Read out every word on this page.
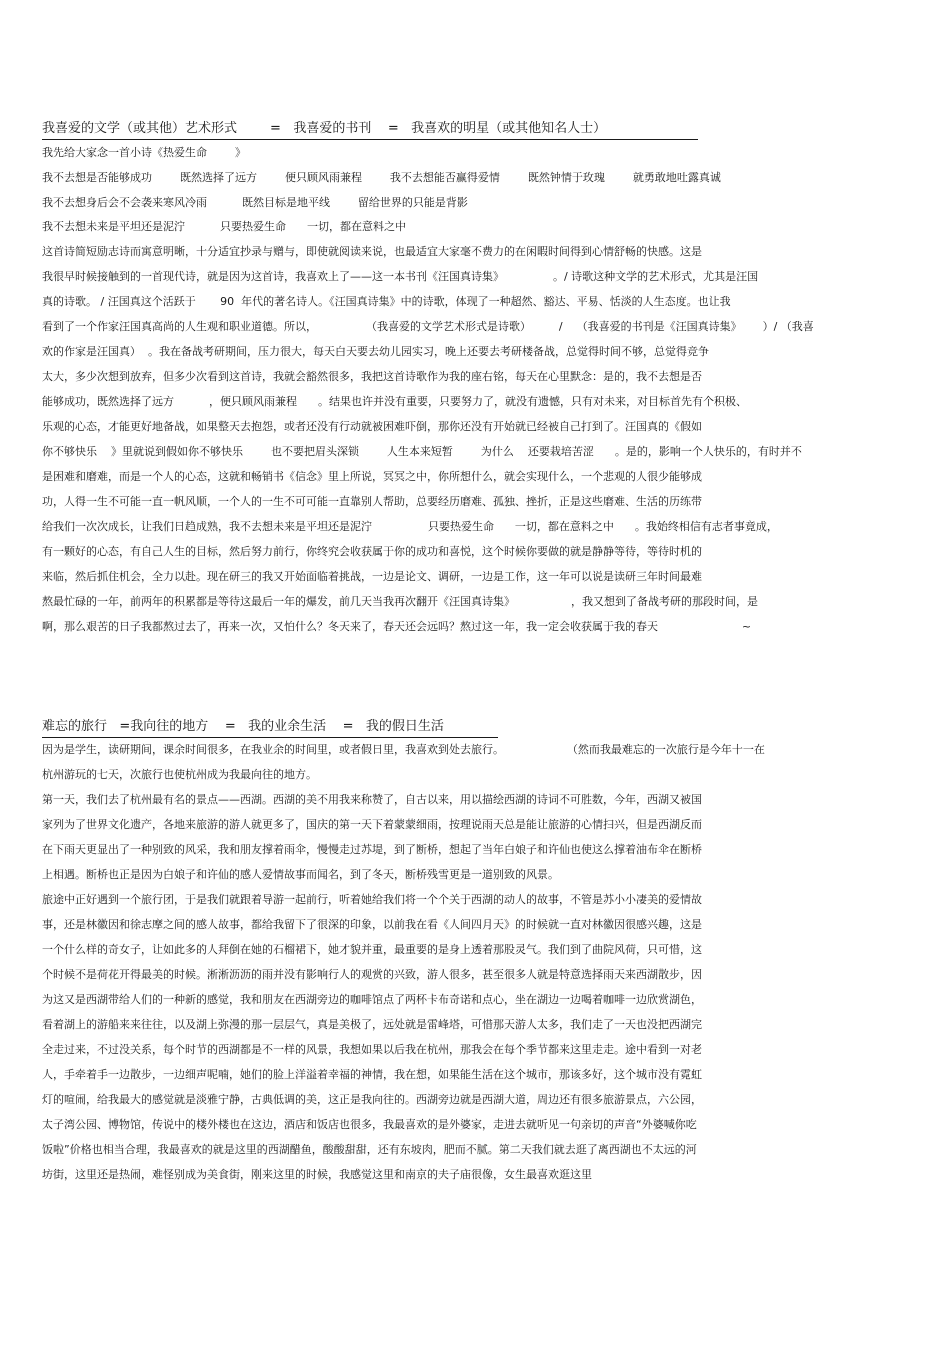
我喜爱的文学（或其他）艺术形式        =   我喜爱的书刊    =   我喜欢的明星（或其他知名人士）
我先给大家念一首小诗《热爱生命        》
我不去想是否能够成功        既然选择了远方        便只顾风雨兼程        我不去想能否赢得爱情        既然钟情于玫瑰        就勇敢地吐露真诚
我不去想身后会不会袭来寒风冷雨          既然目标是地平线        留给世界的只能是背影
我不去想未来是平坦还是泥泞          只要热爱生命      一切，都在意料之中
这首诗简短励志诗而寓意明晰，十分适宜抄录与赠与，即使就阅读来说，也最适宜大家毫不费力的在闲暇时间得到心情舒畅的快感。这是
我很早时候接触到的一首现代诗，就是因为这首诗，我喜欢上了——这一本书刊《汪国真诗集》              。/ 诗歌这种文学的艺术形式，尤其是汪国
真的诗歌。 / 汪国真这个活跃于       90  年代的著名诗人。《汪国真诗集》中的诗歌，体现了一种超然、豁达、平易、恬淡的人生态度。也让我
看到了一个作家汪国真高尚的人生观和职业道德。所以，              （我喜爱的文学艺术形式是诗歌）        /    （我喜爱的书刊是《汪国真诗集》      ）/ （我喜
欢的作家是汪国真）  。我在备战考研期间，压力很大，每天白天要去幼儿园实习，晚上还要去考研楼备战，总觉得时间不够，总觉得竞争
太大，多少次想到放弃，但多少次看到这首诗，我就会豁然很多，我把这首诗歌作为我的座右铭，每天在心里默念：是的，我不去想是否
能够成功，既然选择了远方          ，便只顾风雨兼程      。结果也许并没有重要，只要努力了，就没有遗憾，只有对未来，对目标首先有个积极、
乐观的心态，才能更好地备战，如果整天去抱怨，或者还没有行动就被困难吓倒，那你还没有开始就已经被自己打到了。汪国真的《假如
你不够快乐    》里就说到假如你不够快乐        也不要把眉头深锁        人生本来短暂        为什么    还要栽培苦涩      。是的，影响一个人快乐的，有时并不
是困难和磨难，而是一个人的心态，这就和畅销书《信念》里上所说，冥冥之中，你所想什么，就会实现什么，一个悲观的人很少能够成
功，人得一生不可能一直一帆风顺，一个人的一生不可可能一直靠别人帮助，总要经历磨难、孤独、挫折，正是这些磨难、生活的历练带
给我们一次次成长，让我们日趋成熟，我不去想未来是平坦还是泥泞                只要热爱生命      一切，都在意料之中      。我始终相信有志者事竟成，
有一颗好的心态，有自己人生的目标，然后努力前行，你终究会收获属于你的成功和喜悦，这个时候你要做的就是静静等待，等待时机的
来临，然后抓住机会，全力以赴。现在研三的我又开始面临着挑战，一边是论文、调研，一边是工作，这一年可以说是读研三年时间最难
熬最忙碌的一年，前两年的积累都是等待这最后一年的爆发，前几天当我再次翻开《汪国真诗集》                ，我又想到了备战考研的那段时间，是
啊，那么艰苦的日子我都熬过去了，再来一次，又怕什么？冬天来了，春天还会远吗？熬过这一年，我一定会收获属于我的春天                        ~
难忘的旅行   =我向往的地方    =   我的业余生活    =   我的假日生活
因为是学生，读研期间，课余时间很多，在我业余的时间里，或者假日里，我喜欢到处去旅行。                  （然而我最难忘的一次旅行是今年十一在
杭州游玩的七天，次旅行也使杭州成为我最向往的地方。
第一天，我们去了杭州最有名的景点——西湖。西湖的美不用我来称赞了，自古以来，用以描绘西湖的诗词不可胜数，今年，西湖又被国
家列为了世界文化遗产，各地来旅游的游人就更多了，国庆的第一天下着蒙蒙细雨，按理说雨天总是能让旅游的心情扫兴，但是西湖反而
在下雨天更显出了一种别致的风采，我和朋友撑着雨伞，慢慢走过苏堤，到了断桥，想起了当年白娘子和许仙也使这么撑着油布伞在断桥
上相遇。断桥也正是因为白娘子和许仙的感人爱情故事而闻名，到了冬天，断桥残雪更是一道别致的风景。
旅途中正好遇到一个旅行团，于是我们就跟着导游一起前行，听着她给我们将一个个关于西湖的动人的故事，不管是苏小小凄美的爱情故
事，还是林徽因和徐志摩之间的感人故事，都给我留下了很深的印象，以前我在看《人间四月天》的时候就一直对林徽因很感兴趣，这是
一个什么样的奇女子，让如此多的人拜倒在她的石榴裙下，她才貌并重，最重要的是身上透着那股灵气。我们到了曲院风荷，只可惜，这
个时候不是荷花开得最美的时候。淅淅沥沥的雨并没有影响行人的观赏的兴致，游人很多，甚至很多人就是特意选择雨天来西湖散步，因
为这又是西湖带给人们的一种新的感觉，我和朋友在西湖旁边的咖啡馆点了两杯卡布奇诺和点心，坐在湖边一边喝着咖啡一边欣赏湖色，
看着湖上的游船来来往往，以及湖上弥漫的那一层层气，真是美极了，远处就是雷峰塔，可惜那天游人太多，我们走了一天也没把西湖完
全走过来，不过没关系，每个时节的西湖都是不一样的风景，我想如果以后我在杭州，那我会在每个季节都来这里走走。途中看到一对老
人，手牵着手一边散步，一边细声呢喃，她们的脸上洋溢着幸福的神情，我在想，如果能生活在这个城市，那该多好，这个城市没有霓虹
灯的喧闹，给我最大的感觉就是淡雅宁静，古典低调的美，这正是我向往的。西湖旁边就是西湖大道，周边还有很多旅游景点，六公园，
太子湾公园、博物馆，传说中的楼外楼也在这边，酒店和饭店也很多，我最喜欢的是外婆家，走进去就听见一句亲切的声音“外婆喊你吃
饭啦”价格也相当合理，我最喜欢的就是这里的西湖醋鱼，酸酸甜甜，还有东坡肉，肥而不腻。第二天我们就去逛了离西湖也不太远的河
坊街，这里还是热闹，难怪别成为美食街，刚来这里的时候，我感觉这里和南京的夫子庙很像，女生最喜欢逛这里
